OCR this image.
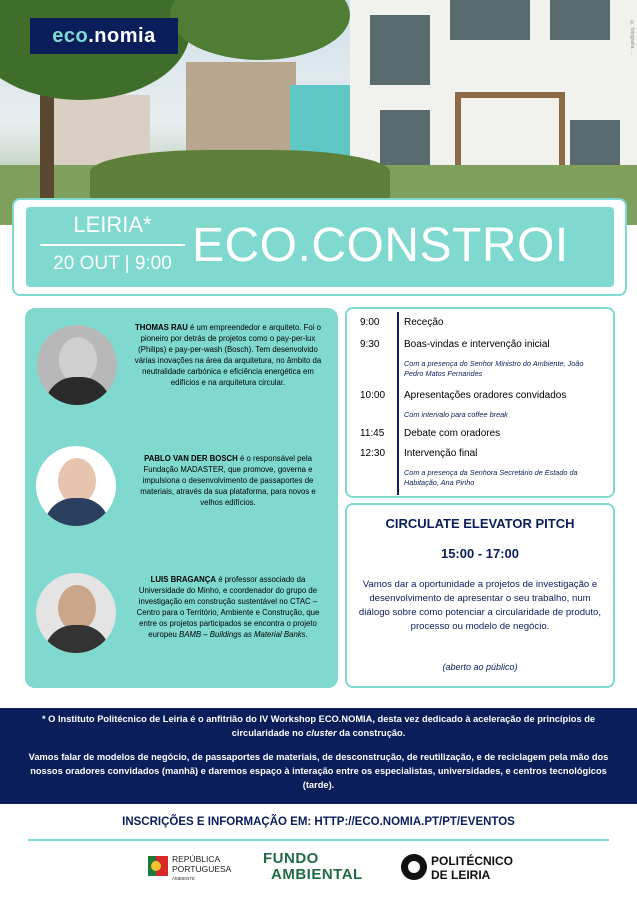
© fotografia: ...
eco .nomia
LEIRIA*
20 OUT | 9:00 ECO.CONSTROI
THOMAS RAU é um empreendedor e arquiteto. Foi o pioneiro por detrás de projetos como o pay-per-lux (Philips) e pay-per-wash (Bosch). Tem desenvolvido várias inovações na área da arquitetura, no âmbito da neutralidade carbónica e eficiência energética em edifícios e na arquitetura circular.
PABLO VAN DER BOSCH é o responsável pela Fundação MADASTER, que promove, governa e impulsiona o desenvolvimento de passaportes de materiais, através da sua plataforma, para novos e velhos edifícios.
LUIS BRAGANÇA é professor associado da Universidade do Minho, e coordenador do grupo de investigação em construção sustentável no CTAC – Centro para o Território, Ambiente e Construção, que entre os projetos participados se encontra o projeto europeu BAMB – Buildings as Material Banks.
9:00 Receção
9:30 Boas-vindas e intervenção inicial
Com a presença do Senhor Ministro do Ambiente, João Pedro Matos Fernandes
10:00 Apresentações oradores convidados
Com intervalo para coffee break
11:45 Debate com oradores
12:30 Intervenção final
Com a presença da Senhora Secretário de Estado da Habitação, Ana Pinho
CIRCULATE ELEVATOR PITCH
15:00 - 17:00
Vamos dar a oportunidade a projetos de investigação e desenvolvimento de apresentar o seu trabalho, num diálogo sobre como potenciar a circularidade de produto, processo ou modelo de negócio.
(aberto ao público)

* O Instituto Politécnico de Leiria é o anfitrião do IV Workshop ECO.NOMIA, desta vez dedicado à aceleração de princípios de circularidade no cluster da construção.

Vamos falar de modelos de negócio, de passaportes de materiais, de desconstrução, de reutilização, e de reciclagem pela mão dos nossos oradores convidados (manhã) e daremos espaço à interação entre os especialistas, universidades, e centros tecnológicos (tarde).

INSCRIÇÕES E INFORMAÇÃO EM: HTTP://ECO.NOMIA.PT/PT/EVENTOS
REPÚBLICA
PORTUGUESA
AMBIENTE
FUNDO
AMBIENTAL
POLITÉCNICO
DE LEIRIA
